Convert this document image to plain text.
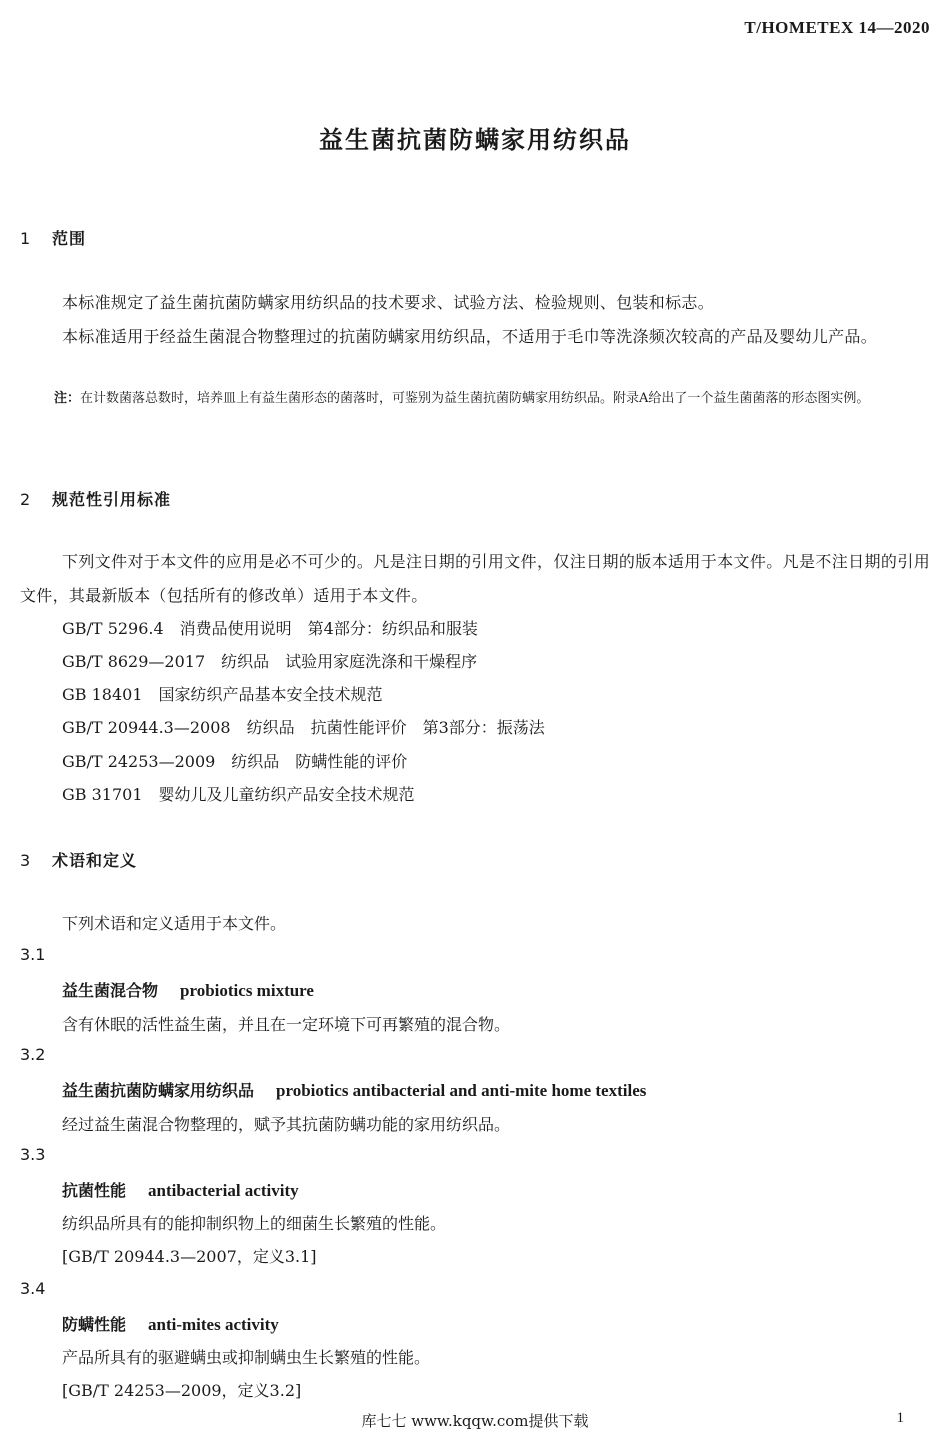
T/HOMETEX 14—2020
益生菌抗菌防螨家用纺织品
1 范围
本标准规定了益生菌抗菌防螨家用纺织品的技术要求、试验方法、检验规则、包装和标志。
本标准适用于经益生菌混合物整理过的抗菌防螨家用纺织品，不适用于毛巾等洗涤频次较高的产品及婴幼儿产品。
注：在计数菌落总数时，培养皿上有益生菌形态的菌落时，可鉴别为益生菌抗菌防螨家用纺织品。附录A给出了一个益生菌菌落的形态图实例。
2 规范性引用标准
下列文件对于本文件的应用是必不可少的。凡是注日期的引用文件，仅注日期的版本适用于本文件。凡是不注日期的引用文件，其最新版本（包括所有的修改单）适用于本文件。
GB/T 5296.4　消费品使用说明　第4部分：纺织品和服装
GB/T 8629—2017　纺织品　试验用家庭洗涤和干燥程序
GB 18401　国家纺织产品基本安全技术规范
GB/T 20944.3—2008　纺织品　抗菌性能评价　第3部分：振荡法
GB/T 24253—2009　纺织品　防螨性能的评价
GB 31701　婴幼儿及儿童纺织产品安全技术规范
3 术语和定义
下列术语和定义适用于本文件。
3.1
益生菌混合物 probiotics mixture
含有休眠的活性益生菌，并且在一定环境下可再繁殖的混合物。
3.2
益生菌抗菌防螨家用纺织品 probiotics antibacterial and anti-mite home textiles
经过益生菌混合物整理的，赋予其抗菌防螨功能的家用纺织品。
3.3
抗菌性能 antibacterial activity
纺织品所具有的能抑制织物上的细菌生长繁殖的性能。
[GB/T 20944.3—2007，定义3.1]
3.4
防螨性能 anti-mites activity
产品所具有的驱避螨虫或抑制螨虫生长繁殖的性能。
[GB/T 24253—2009，定义3.2]
库七七 www.kqqw.com提供下载	1
